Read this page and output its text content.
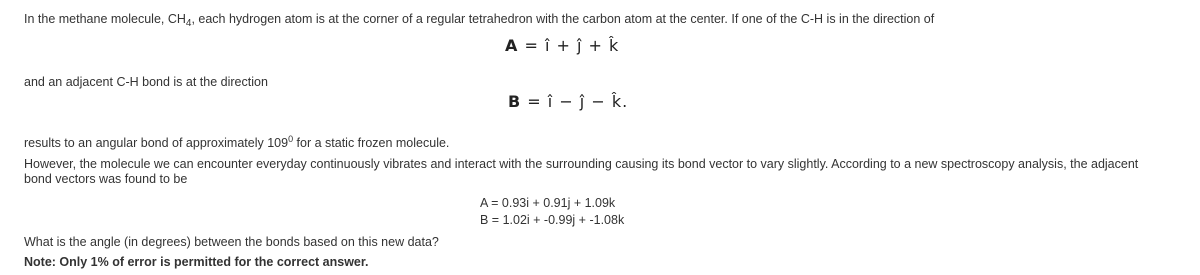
In the methane molecule, $CH_4$, each hydrogen atom is at the corner of a regular tetrahedron with the carbon atom at the center. If one of the C-H is in the direction of
A = î + ĵ + k̂
and an adjacent C-H bond is at the direction
B = î − ĵ − k̂.
results to an angular bond of approximately $109^0$ for a static frozen molecule.
However, the molecule we can encounter everyday continuously vibrates and interact with the surrounding causing its bond vector to vary slightly. According to a new spectroscopy analysis, the adjacent bond vectors was found to be
A = 0.93i + 0.91j + 1.09k
B = 1.02i + -0.99j + -1.08k
What is the angle (in degrees) between the bonds based on this new data?
Note: Only 1% of error is permitted for the correct answer.
